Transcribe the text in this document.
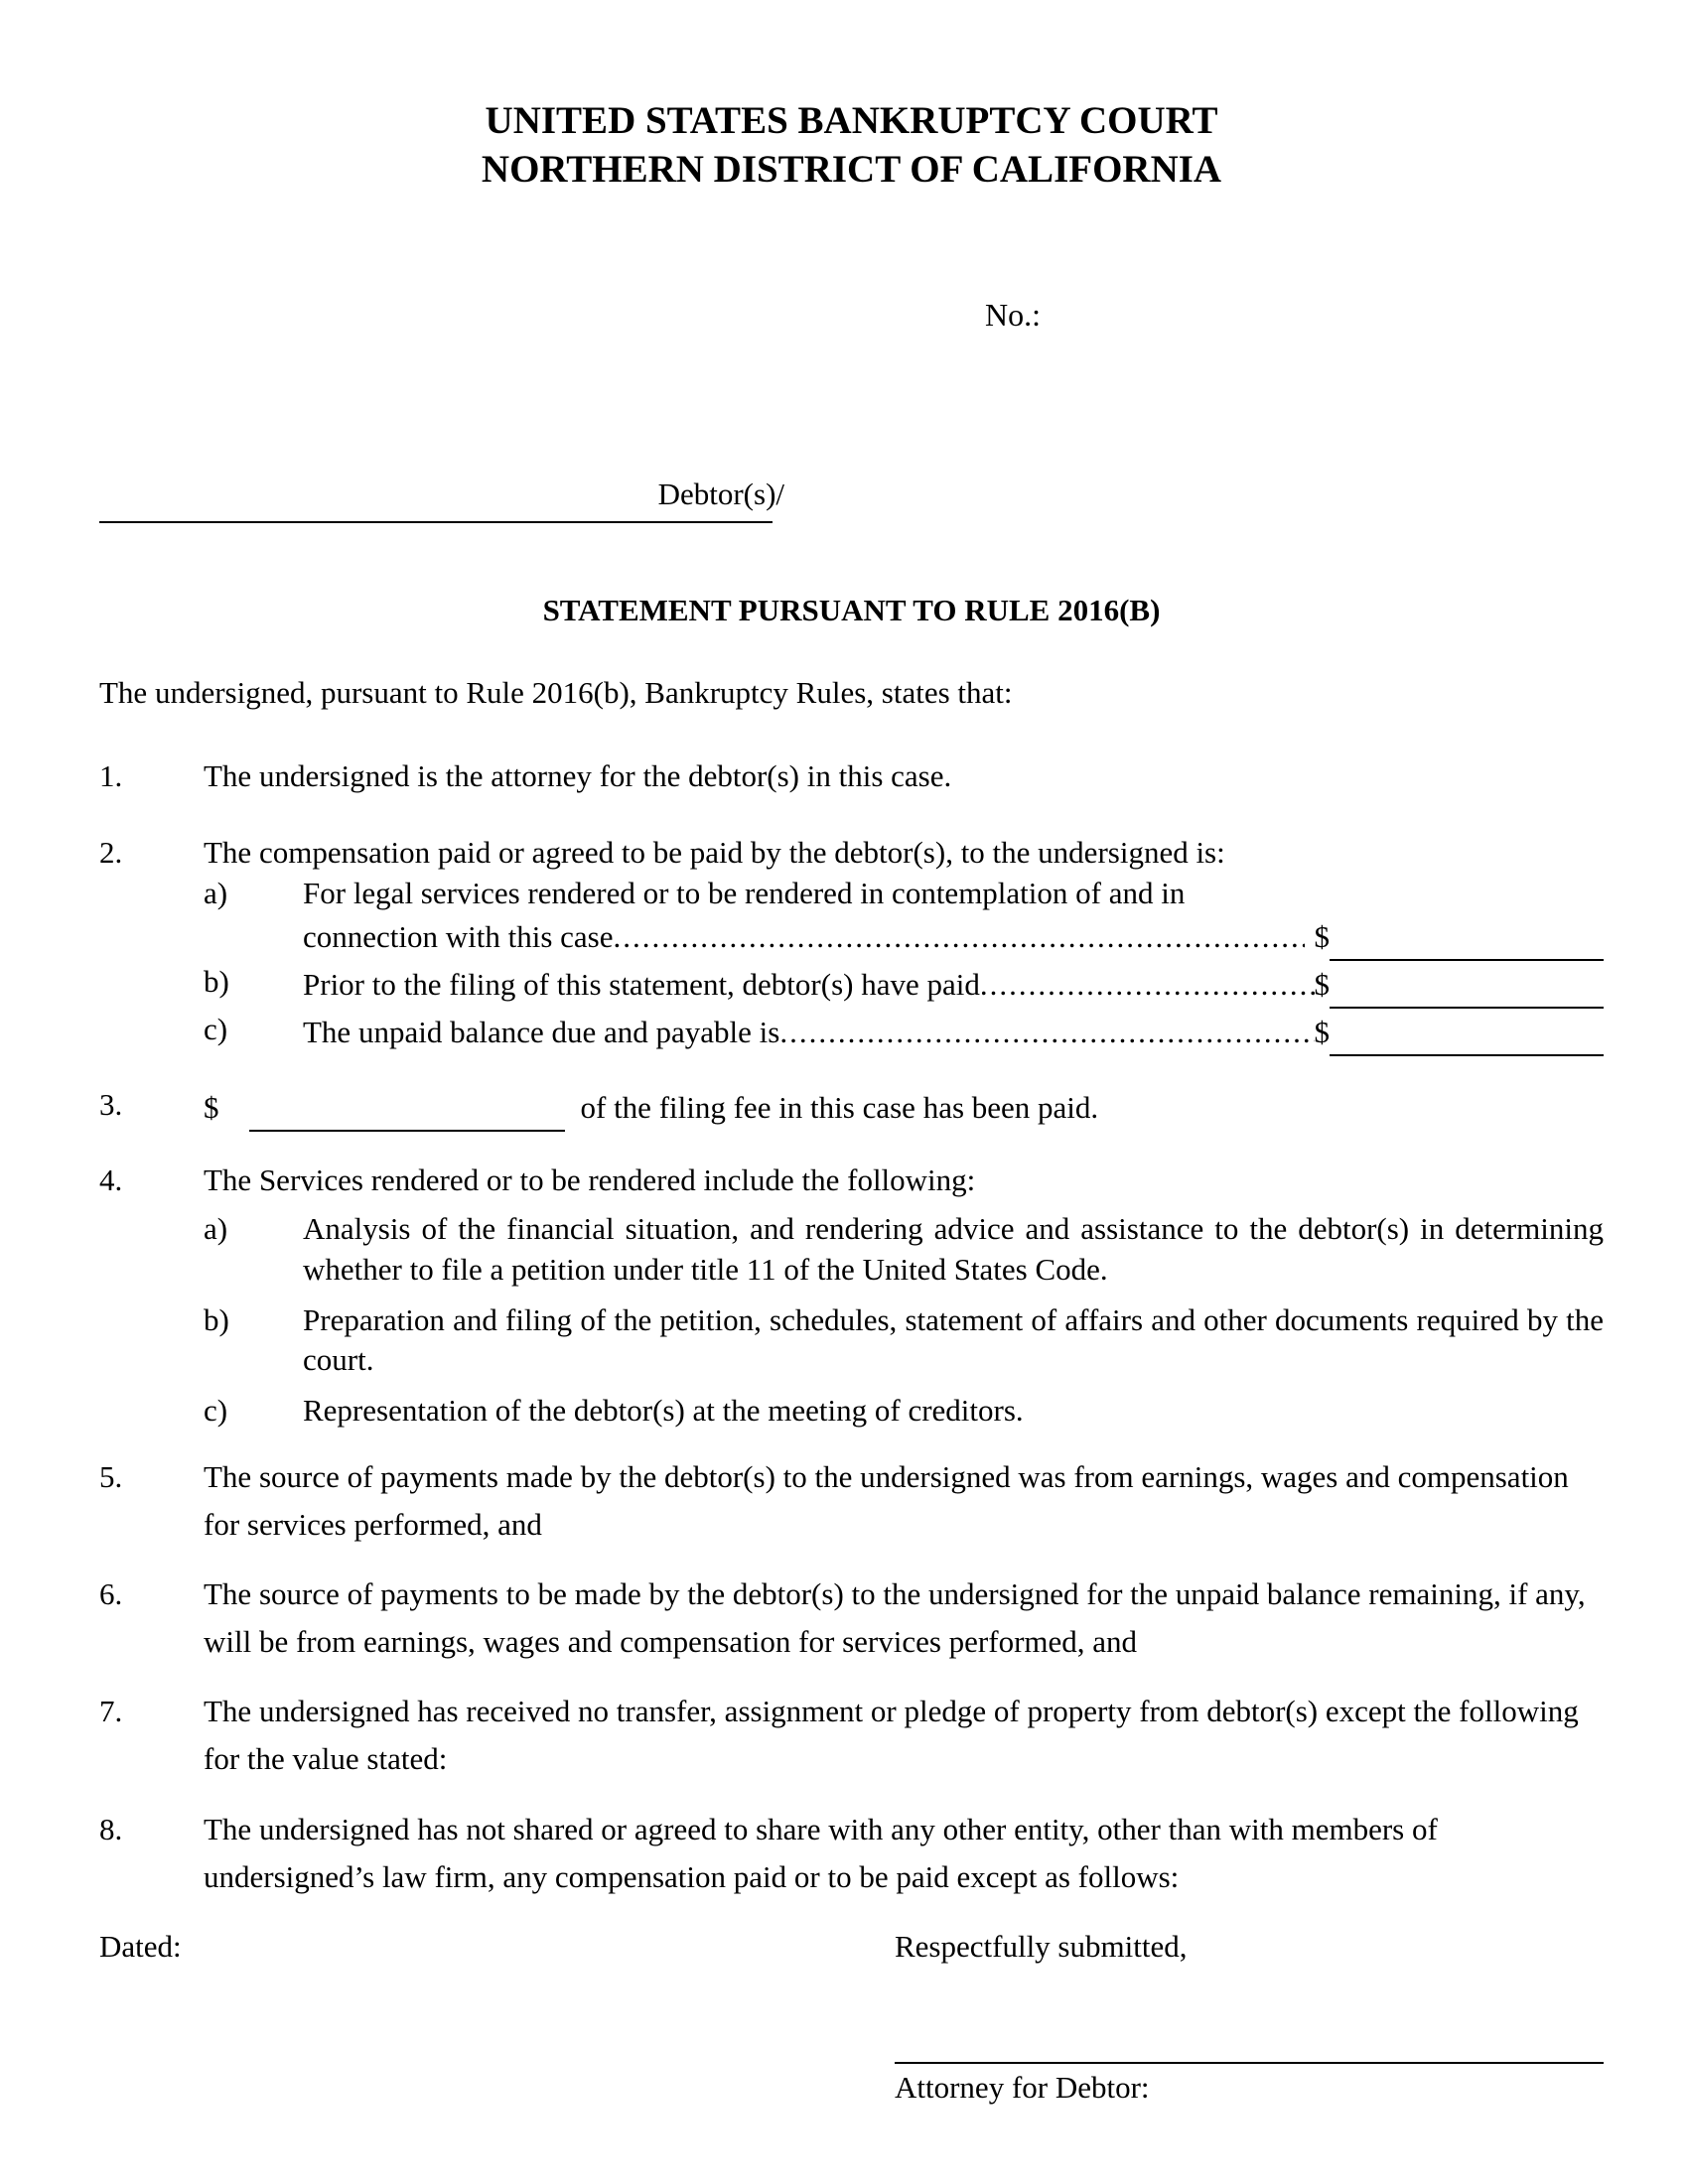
UNITED STATES BANKRUPTCY COURT
NORTHERN DISTRICT OF CALIFORNIA
No.:
Debtor(s)/
STATEMENT PURSUANT TO RULE 2016(B)

The undersigned, pursuant to Rule 2016(b), Bankruptcy Rules, states that:

1.	The undersigned is the attorney for the debtor(s) in this case.
2.	The compensation paid or agreed to be paid by the debtor(s), to the undersigned is:
a)	For legal services rendered or to be rendered in contemplation of and in
connection with this case .....	$
b)	Prior to the filing of this statement, debtor(s) have paid .....	$
c)	The unpaid balance due and payable is .....	$
3.	$	of the filing fee in this case has been paid.
4.	The Services rendered or to be rendered include the following:
a)	Analysis of the financial situation, and rendering advice and assistance to the debtor(s) in determining whether to file a petition under title 11 of the United States Code.
b)	Preparation and filing of the petition, schedules, statement of affairs and other documents required by the court.
c)	Representation of the debtor(s) at the meeting of creditors.
5.	The source of payments made by the debtor(s) to the undersigned was from earnings, wages and compensation for services performed, and
6.	The source of payments to be made by the debtor(s) to the undersigned for the unpaid balance remaining, if any, will be from earnings, wages and compensation for services performed, and
7.	The undersigned has received no transfer, assignment or pledge of property from debtor(s) except the following for the value stated:
8.	The undersigned has not shared or agreed to share with any other entity, other than with members of undersigned’s law firm, any compensation paid or to be paid except as follows:
Dated:	Respectfully submitted,
Attorney for Debtor:
